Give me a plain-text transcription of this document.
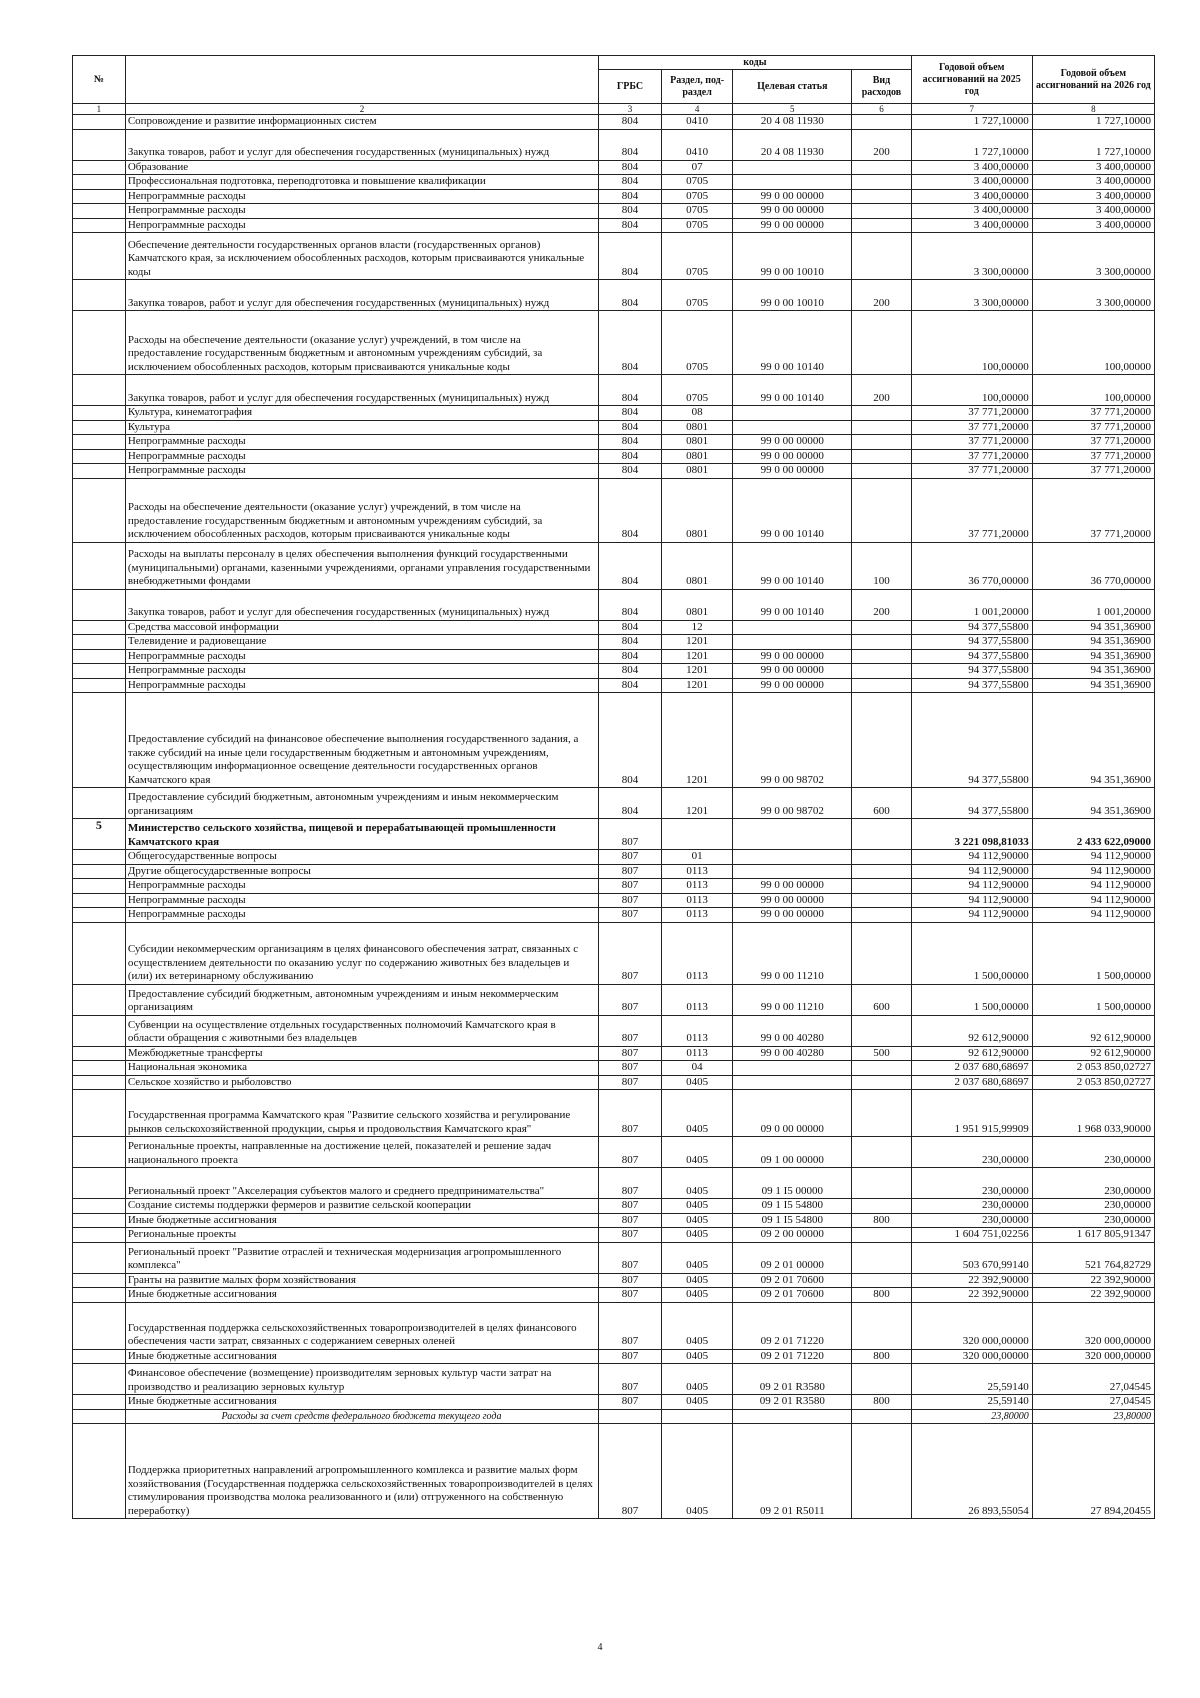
№		коды				Годовой объем ассигнований на 2025 год	Годовой объем ассигнований на 2026 год
		ГРБС	Раздел, под-раздел	Целевая статья	Вид расходов		
1	2	3	4	5	6	7	8
	Сопровождение и развитие информационных систем	804	0410	20 4 08 11930		1 727,10000	1 727,10000
	Закупка товаров, работ и услуг для обеспечения государственных (муниципальных) нужд	804	0410	20 4 08 11930	200	1 727,10000	1 727,10000
	Образование	804	07			3 400,00000	3 400,00000
	Профессиональная подготовка, переподготовка и повышение квалификации	804	0705			3 400,00000	3 400,00000
	Непрограммные расходы	804	0705	99 0 00 00000		3 400,00000	3 400,00000
	Непрограммные расходы	804	0705	99 0 00 00000		3 400,00000	3 400,00000
	Непрограммные расходы	804	0705	99 0 00 00000		3 400,00000	3 400,00000
	Обеспечение деятельности государственных органов власти (государственных органов) Камчатского края, за исключением обособленных расходов, которым присваиваются уникальные коды	804	0705	99 0 00 10010		3 300,00000	3 300,00000
	Закупка товаров, работ и услуг для обеспечения государственных (муниципальных) нужд	804	0705	99 0 00 10010	200	3 300,00000	3 300,00000
	Расходы на обеспечение деятельности (оказание услуг) учреждений, в том числе на предоставление государственным бюджетным и автономным учреждениям субсидий, за исключением обособленных расходов, которым присваиваются уникальные коды	804	0705	99 0 00 10140		100,00000	100,00000
	Закупка товаров, работ и услуг для обеспечения государственных (муниципальных) нужд	804	0705	99 0 00 10140	200	100,00000	100,00000
	Культура, кинематография	804	08			37 771,20000	37 771,20000
	Культура	804	0801			37 771,20000	37 771,20000
	Непрограммные расходы	804	0801	99 0 00 00000		37 771,20000	37 771,20000
	Непрограммные расходы	804	0801	99 0 00 00000		37 771,20000	37 771,20000
	Непрограммные расходы	804	0801	99 0 00 00000		37 771,20000	37 771,20000
	Расходы на обеспечение деятельности (оказание услуг) учреждений, в том числе на предоставление государственным бюджетным и автономным учреждениям субсидий, за исключением обособленных расходов, которым присваиваются уникальные коды	804	0801	99 0 00 10140		37 771,20000	37 771,20000
	Расходы на выплаты персоналу в целях обеспечения выполнения функций государственными (муниципальными) органами, казенными учреждениями, органами управления государственными внебюджетными фондами	804	0801	99 0 00 10140	100	36 770,00000	36 770,00000
	Закупка товаров, работ и услуг для обеспечения государственных (муниципальных) нужд	804	0801	99 0 00 10140	200	1 001,20000	1 001,20000
	Средства массовой информации	804	12			94 377,55800	94 351,36900
	Телевидение и радиовещание	804	1201			94 377,55800	94 351,36900
	Непрограммные расходы	804	1201	99 0 00 00000		94 377,55800	94 351,36900
	Непрограммные расходы	804	1201	99 0 00 00000		94 377,55800	94 351,36900
	Непрограммные расходы	804	1201	99 0 00 00000		94 377,55800	94 351,36900
	Предоставление субсидий на финансовое обеспечение выполнения государственного задания, а также субсидий на иные цели государственным бюджетным и автономным учреждениям, осуществляющим информационное освещение деятельности государственных органов Камчатского края	804	1201	99 0 00 98702		94 377,55800	94 351,36900
	Предоставление субсидий бюджетным, автономным учреждениям и иным некоммерческим организациям	804	1201	99 0 00 98702	600	94 377,55800	94 351,36900
5	Министерство сельского хозяйства, пищевой и перерабатывающей промышленности Камчатского края	807				3 221 098,81033	2 433 622,09000
	Общегосударственные вопросы	807	01			94 112,90000	94 112,90000
	Другие общегосударственные вопросы	807	0113			94 112,90000	94 112,90000
	Непрограммные расходы	807	0113	99 0 00 00000		94 112,90000	94 112,90000
	Непрограммные расходы	807	0113	99 0 00 00000		94 112,90000	94 112,90000
	Непрограммные расходы	807	0113	99 0 00 00000		94 112,90000	94 112,90000
	Субсидии некоммерческим организациям в целях финансового обеспечения затрат, связанных с осуществлением деятельности по оказанию услуг по содержанию животных без владельцев и (или) их ветеринарному обслуживанию	807	0113	99 0 00 11210		1 500,00000	1 500,00000
	Предоставление субсидий бюджетным, автономным учреждениям и иным некоммерческим организациям	807	0113	99 0 00 11210	600	1 500,00000	1 500,00000
	Субвенции на осуществление отдельных государственных полномочий Камчатского края в области обращения с животными без владельцев	807	0113	99 0 00 40280		92 612,90000	92 612,90000
	Межбюджетные трансферты	807	0113	99 0 00 40280	500	92 612,90000	92 612,90000
	Национальная экономика	807	04			2 037 680,68697	2 053 850,02727
	Сельское хозяйство и рыболовство	807	0405			2 037 680,68697	2 053 850,02727
	Государственная программа Камчатского края "Развитие сельского хозяйства и регулирование рынков сельскохозяйственной продукции, сырья и продовольствия Камчатского края"	807	0405	09 0 00 00000		1 951 915,99909	1 968 033,90000
	Региональные проекты, направленные на достижение целей, показателей и решение задач национального проекта	807	0405	09 1 00 00000		230,00000	230,00000
	Региональный проект "Акселерация субъектов малого и среднего предпринимательства"	807	0405	09 1 I5 00000		230,00000	230,00000
	Создание системы поддержки фермеров и развитие сельской кооперации	807	0405	09 1 I5 54800		230,00000	230,00000
	Иные бюджетные ассигнования	807	0405	09 1 I5 54800	800	230,00000	230,00000
	Региональные проекты	807	0405	09 2 00 00000		1 604 751,02256	1 617 805,91347
	Региональный проект "Развитие отраслей и техническая модернизация агропромышленного комплекса"	807	0405	09 2 01 00000		503 670,99140	521 764,82729
	Гранты на развитие малых форм хозяйствования	807	0405	09 2 01 70600		22 392,90000	22 392,90000
	Иные бюджетные ассигнования	807	0405	09 2 01 70600	800	22 392,90000	22 392,90000
	Государственная поддержка сельскохозяйственных товаропроизводителей в целях финансового обеспечения части затрат, связанных с содержанием северных оленей	807	0405	09 2 01 71220		320 000,00000	320 000,00000
	Иные бюджетные ассигнования	807	0405	09 2 01 71220	800	320 000,00000	320 000,00000
	Финансовое обеспечение (возмещение) производителям зерновых культур части затрат на производство и реализацию зерновых культур	807	0405	09 2 01 R3580		25,59140	27,04545
	Иные бюджетные ассигнования	807	0405	09 2 01 R3580	800	25,59140	27,04545
	Расходы за счет средств федерального бюджета текущего года					23,80000	23,80000
	Поддержка приоритетных направлений агропромышленного комплекса и развитие малых форм хозяйствования (Государственная поддержка сельскохозяйственных товаропроизводителей в целях стимулирования производства молока реализованного и (или) отгруженного на собственную переработку)	807	0405	09 2 01 R5011		26 893,55054	27 894,20455
4
